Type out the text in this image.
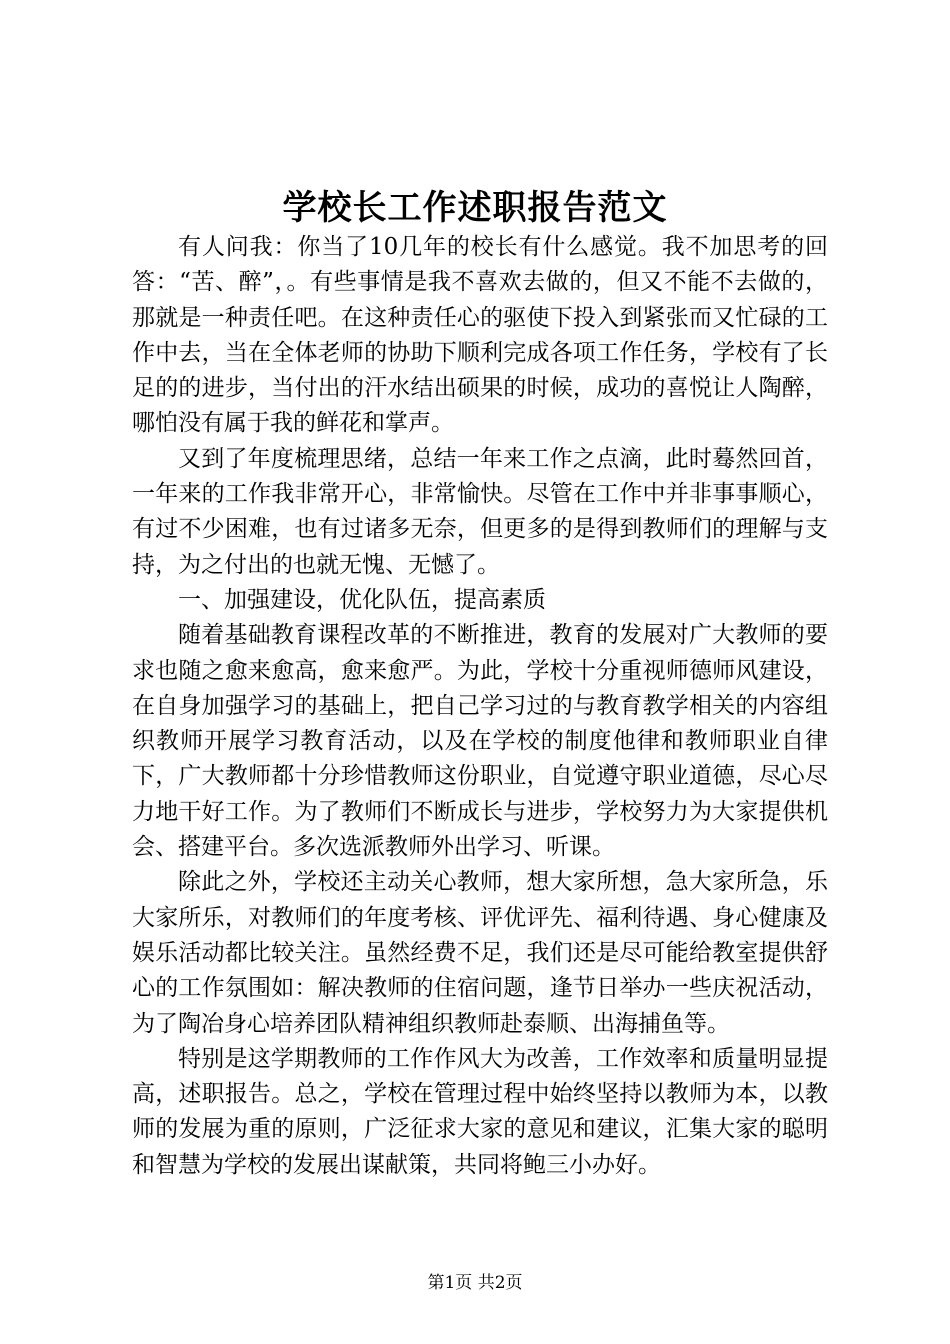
学校长工作述职报告范文

有人问我：你当了10几年的校长有什么感觉。我不加思考的回答：“苦、醉”，。有些事情是我不喜欢去做的，但又不能不去做的，那就是一种责任吧。在这种责任心的驱使下投入到紧张而又忙碌的工作中去，当在全体老师的协助下顺利完成各项工作任务，学校有了长足的的进步，当付出的汗水结出硕果的时候，成功的喜悦让人陶醉，哪怕没有属于我的鲜花和掌声。

又到了年度梳理思绪，总结一年来工作之点滴，此时蓦然回首，一年来的工作我非常开心，非常愉快。尽管在工作中并非事事顺心，有过不少困难，也有过诸多无奈，但更多的是得到教师们的理解与支持，为之付出的也就无愧、无憾了。

一、加强建设，优化队伍，提高素质

随着基础教育课程改革的不断推进，教育的发展对广大教师的要求也随之愈来愈高，愈来愈严。为此，学校十分重视师德师风建设，在自身加强学习的基础上，把自己学习过的与教育教学相关的内容组织教师开展学习教育活动，以及在学校的制度他律和教师职业自律下，广大教师都十分珍惜教师这份职业，自觉遵守职业道德，尽心尽力地干好工作。为了教师们不断成长与进步，学校努力为大家提供机会、搭建平台。多次选派教师外出学习、听课。

除此之外，学校还主动关心教师，想大家所想，急大家所急，乐大家所乐，对教师们的年度考核、评优评先、福利待遇、身心健康及娱乐活动都比较关注。虽然经费不足，我们还是尽可能给教室提供舒心的工作氛围如：解决教师的住宿问题，逢节日举办一些庆祝活动，为了陶冶身心培养团队精神组织教师赴泰顺、出海捕鱼等。

特别是这学期教师的工作作风大为改善，工作效率和质量明显提高，述职报告。总之，学校在管理过程中始终坚持以教师为本，以教师的发展为重的原则，广泛征求大家的意见和建议，汇集大家的聪明和智慧为学校的发展出谋献策，共同将鲍三小办好。

第1页 共2页
